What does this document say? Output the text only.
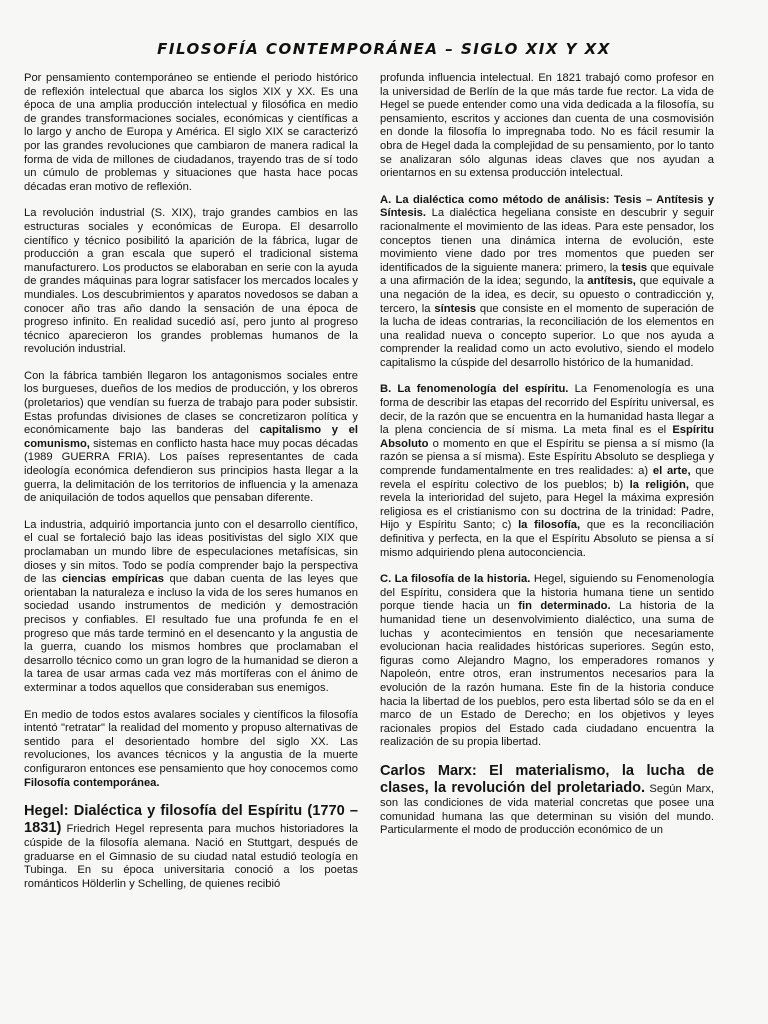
FILOSOFÍA CONTEMPORÁNEA – SIGLO XIX Y XX

Por pensamiento contemporáneo se entiende el periodo histórico de reflexión intelectual que abarca los siglos XIX y XX. Es una época de una amplia producción intelectual y filosófica en medio de grandes transformaciones sociales, económicas y científicas a lo largo y ancho de Europa y América. El siglo XIX se caracterizó por las grandes revoluciones que cambiaron de manera radical la forma de vida de millones de ciudadanos, trayendo tras de sí todo un cúmulo de problemas y situaciones que hasta hace pocas décadas eran motivo de reflexión.

La revolución industrial (S. XIX), trajo grandes cambios en las estructuras sociales y económicas de Europa. El desarrollo científico y técnico posibilitó la aparición de la fábrica, lugar de producción a gran escala que superó el tradicional sistema manufacturero. Los productos se elaboraban en serie con la ayuda de grandes máquinas para lograr satisfacer los mercados locales y mundiales. Los descubrimientos y aparatos novedosos se daban a conocer año tras año dando la sensación de una época de progreso infinito. En realidad sucedió así, pero junto al progreso técnico aparecieron los grandes problemas humanos de la revolución industrial.

Con la fábrica también llegaron los antagonismos sociales entre los burgueses, dueños de los medios de producción, y los obreros (proletarios) que vendían su fuerza de trabajo para poder subsistir. Estas profundas divisiones de clases se concretizaron política y económicamente bajo las banderas del capitalismo y el comunismo, sistemas en conflicto hasta hace muy pocas décadas (1989 GUERRA FRIA). Los países representantes de cada ideología económica defendieron sus principios hasta llegar a la guerra, la delimitación de los territorios de influencia y la amenaza de aniquilación de todos aquellos que pensaban diferente.

La industria, adquirió importancia junto con el desarrollo científico, el cual se fortaleció bajo las ideas positivistas del siglo XIX que proclamaban un mundo libre de especulaciones metafísicas, sin dioses y sin mitos. Todo se podía comprender bajo la perspectiva de las ciencias empíricas que daban cuenta de las leyes que orientaban la naturaleza e incluso la vida de los seres humanos en sociedad usando instrumentos de medición y demostración precisos y confiables. El resultado fue una profunda fe en el progreso que más tarde terminó en el desencanto y la angustia de la guerra, cuando los mismos hombres que proclamaban el desarrollo técnico como un gran logro de la humanidad se dieron a la tarea de usar armas cada vez más mortíferas con el ánimo de exterminar a todos aquellos que consideraban sus enemigos.

En medio de todos estos avalares sociales y científicos la filosofía intentó "retratar" la realidad del momento y propuso alternativas de sentido para el desorientado hombre del siglo XX. Las revoluciones, los avances técnicos y la angustia de la muerte configuraron entonces ese pensamiento que hoy conocemos como Filosofía contemporánea.

Hegel: Dialéctica y filosofía del Espíritu (1770 – 1831) Friedrich Hegel representa para muchos historiadores la cúspide de la filosofía alemana. Nació en Stuttgart, después de graduarse en el Gimnasio de su ciudad natal estudió teología en Tubinga. En su época universitaria conoció a los poetas románticos Hölderlin y Schelling, de quienes recibió

profunda influencia intelectual. En 1821 trabajó como profesor en la universidad de Berlín de la que más tarde fue rector. La vida de Hegel se puede entender como una vida dedicada a la filosofía, su pensamiento, escritos y acciones dan cuenta de una cosmovisión en donde la filosofía lo impregnaba todo. No es fácil resumir la obra de Hegel dada la complejidad de su pensamiento, por lo tanto se analizaran sólo algunas ideas claves que nos ayudan a orientarnos en su extensa producción intelectual.

A. La dialéctica como método de análisis: Tesis – Antítesis y Síntesis. La dialéctica hegeliana consiste en descubrir y seguir racionalmente el movimiento de las ideas. Para este pensador, los conceptos tienen una dinámica interna de evolución, este movimiento viene dado por tres momentos que pueden ser identificados de la siguiente manera: primero, la tesis que equivale a una afirmación de la idea; segundo, la antítesis, que equivale a una negación de la idea, es decir, su opuesto o contradicción y, tercero, la síntesis que consiste en el momento de superación de la lucha de ideas contrarias, la reconciliación de los elementos en una realidad nueva o concepto superior. Lo que nos ayuda a comprender la realidad como un acto evolutivo, siendo el modelo capitalismo la cúspide del desarrollo histórico de la humanidad.

B. La fenomenología del espíritu. La Fenomenología es una forma de describir las etapas del recorrido del Espíritu universal, es decir, de la razón que se encuentra en la humanidad hasta llegar a la plena conciencia de sí misma. La meta final es el Espíritu Absoluto o momento en que el Espíritu se piensa a sí mismo (la razón se piensa a sí misma). Este Espíritu Absoluto se despliega y comprende fundamentalmente en tres realidades: a) el arte, que revela el espíritu colectivo de los pueblos; b) la religión, que revela la interioridad del sujeto, para Hegel la máxima expresión religiosa es el cristianismo con su doctrina de la trinidad: Padre, Hijo y Espíritu Santo; c) la filosofía, que es la reconciliación definitiva y perfecta, en la que el Espíritu Absoluto se piensa a sí mismo adquiriendo plena autoconciencia.

C. La filosofía de la historia. Hegel, siguiendo su Fenomenología del Espíritu, considera que la historia humana tiene un sentido porque tiende hacia un fin determinado. La historia de la humanidad tiene un desenvolvimiento dialéctico, una suma de luchas y acontecimientos en tensión que necesariamente evolucionan hacia realidades históricas superiores. Según esto, figuras como Alejandro Magno, los emperadores romanos y Napoleón, entre otros, eran instrumentos necesarios para la evolución de la razón humana. Este fin de la historia conduce hacia la libertad de los pueblos, pero esta libertad sólo se da en el marco de un Estado de Derecho; en los objetivos y leyes racionales propios del Estado cada ciudadano encuentra la realización de su propia libertad.

Carlos Marx: El materialismo, la lucha de clases, la revolución del proletariado. Según Marx, son las condiciones de vida material concretas que posee una comunidad humana las que determinan su visión del mundo. Particularmente el modo de producción económico de un
